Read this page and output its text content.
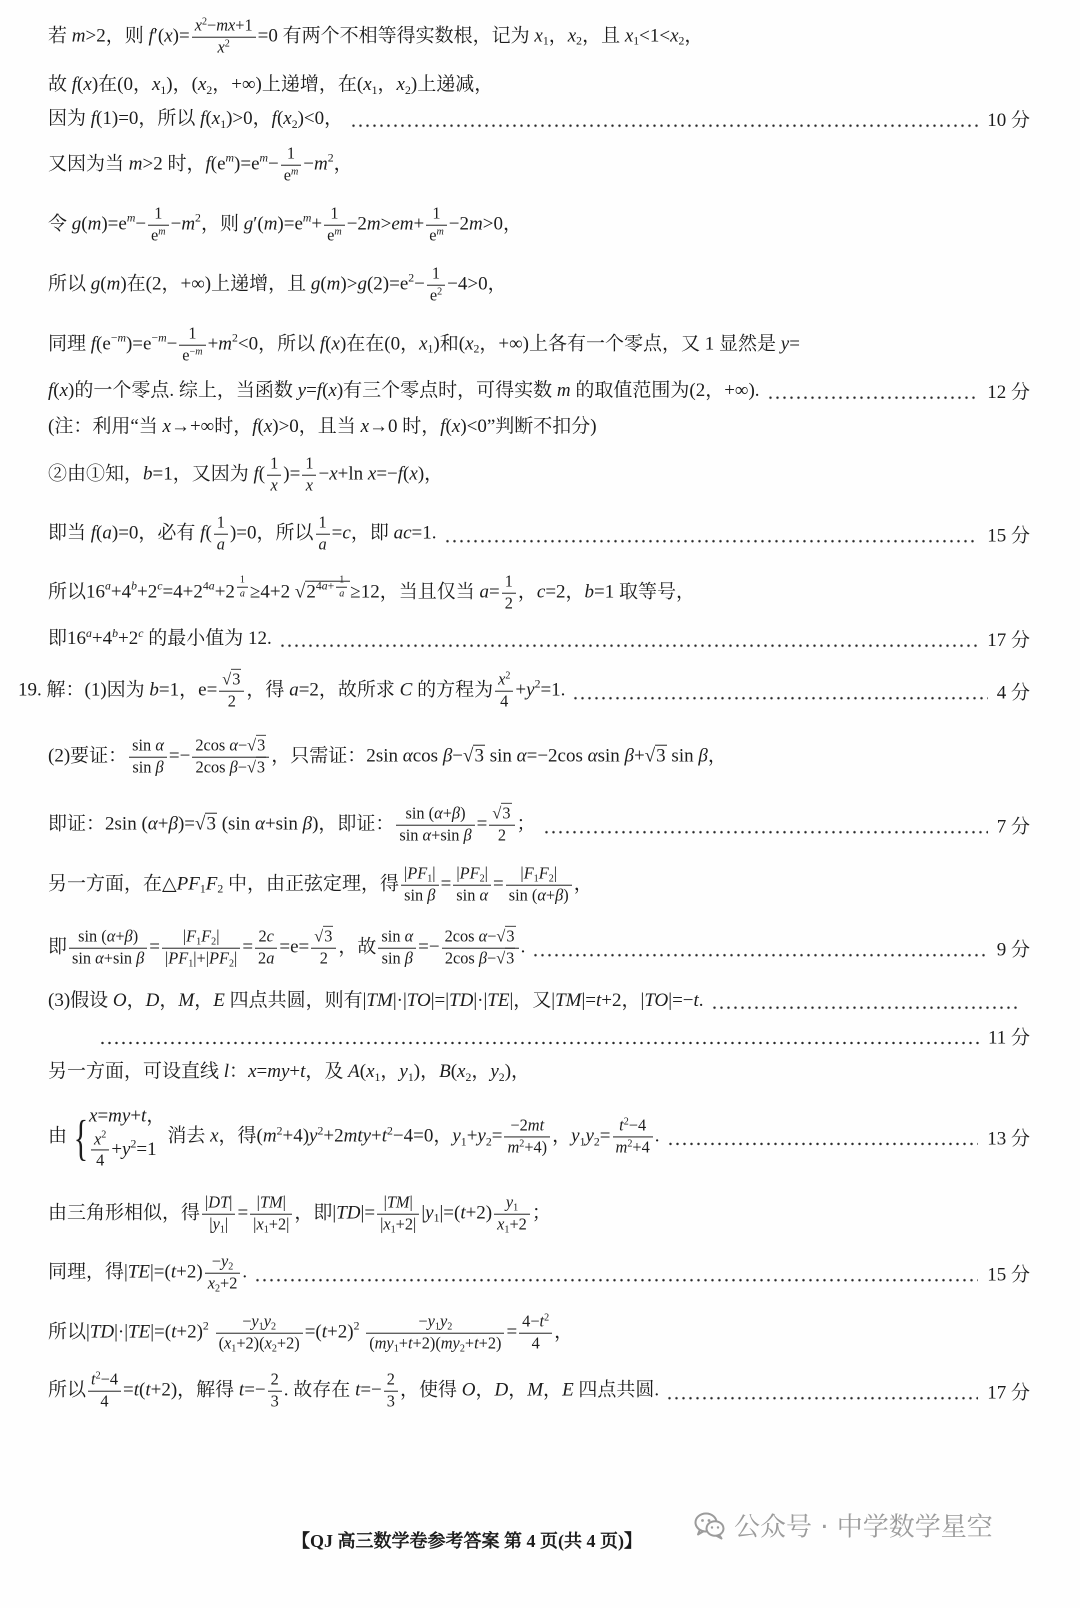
若 m>2，则 $f'(x)= \frac{x^2-mx+1}{x^2} =0$ 有两个不相等得实数根，记为 $x_1$，$x_2$，且 $x_1<1<x_2$，
故 f(x)在(0，$x_1$)，($x_2$，+∞)上递增，在($x_1$，$x_2$)上递减，
因为 f(1)=0，所以 $f(x_1)>0$，$f(x_2)<0$，	10 分
又因为当 m>2 时，$f(e^m)=e^m- \frac{1}{e^m} -m^2$，
令 $g(m)=e^m- \frac{1}{e^m} -m^2$，则 $g'(m)=e^m+ \frac{1}{e^m} -2m>em+ \frac{1}{e^m} -2m>0$，
所以 g(m)在(2，+∞)上递增，且 $g(m)>g(2)=e^2- \frac{1}{e^2} -4>0$，
同理 $f(e^{-m})=e^{-m}- \frac{1}{e^{-m}} +m^2<0$，所以 f(x)在在(0，$x_1$)和($x_2$，+∞)上各有一个零点，又 1 显然是 y=
f(x)的一个零点. 综上，当函数 y=f(x)有三个零点时，可得实数 m 的取值范围为(2，+∞).	12 分
(注：利用“当 x→+∞时，f(x)>0，且当 x→0 时，f(x)<0”判断不扣分)
②由①知，b=1，又因为 $f( \frac{1}{x}$ )= $\frac{1}{x} -x+\ln$ x=−f(x)，
即当 f(a)=0，必有 $f( \frac{1}{a} )=0$，所以 $\frac{1}{a} =c$，即 ac=1.	15 分
所以$16^a+4^b+2^c=4+2^{4a}+2$ $^{\frac{1}{a}}$ ≥4+2 $√2^{4a+ \frac{1}{a}} \ge 12$，当且仅当 $a= \frac{1}{2}$ ，c=2，b=1 取等号，
即$16^a+4^b+2^c$ 的最小值为 12.	17 分
19. 解：(1)因为 b=1，$e= \frac{√3}{2}$ ，得 a=2，故所求 C 的方程为 $\frac{x^2}{4} +y^2=1$.	4 分
(2)要证： $\frac{\text{sin α}}{\text{sin β}} =- \frac{\text{2cos α−√3}}{\text{2cos β−√3}}$ ，只需证：2sin αcos β−√3 sin α=−2cos αsin β+√3 sin β，
即证：2sin (α+β)=√3 (sin α+sin β)，即证： $\frac{\sin (\alpha+\beta)}{\text{sin α+sin β}} = \frac{√3}{2}$ ；	7 分
另一方面，在$\triangle PF_1F_2$ 中，由正弦定理，得 $\frac{|PF_1|}{\text{sin β}} = \frac{|PF_2|}{\text{sin α}} = \frac{|F_1F_2|}{\sin (\alpha+\beta)}$ ，
即 $\frac{\sin (\alpha+\beta)}{\text{sin α+sin β}} = \frac{|F_1F_2|}{|PF_1|+|PF_2|} = \frac{2c}{2a} =e= \frac{√3}{2}$ ，故 $\frac{\text{sin α}}{\text{sin β}} =- \frac{\text{2cos α−√3}}{\text{2cos β−√3}}$ .	9 分
(3)假设 O，D，M，E 四点共圆，则有|TM|·|TO|=|TD|·|TE|，又|TM|=t+2，|TO|=−t.
11 分
另一方面，可设直线 l：x=my+t，及 $A(x_1$，$y_1$)，$B(x_2$，$y_2$)，
由 { x=my+t，
$\frac{x^2}{4} +y^2=1$
消去 x，得$(m^2+4)y^2+2mty+t^2-4=0$，$y_1+y_2= \frac{-2mt}{m^2+4)}$ ，$y_1y_2= \frac{t^2-4}{m^2+4}$ .	13 分
由三角形相似，得 $\frac{|DT|}{|y_1|} = \frac{|TM|}{|x_1+2|}$ ，即$|TD|= \frac{|TM|}{|x_1+2|} |y_1|=(t+2) \frac{y_1}{x_1+2}$ ；
同理，得$|TE|=(t+2) \frac{-y_2}{x_2+2}$ .	15 分
所以$|TD|\cdot|TE|=(t+2)^2 \frac{-y_1y_2}{(x_1+2)(x_2+2)} =(t+2)^2 \frac{-y_1y_2}{(my_1+t+2)(my_2+t+2)} = \frac{4-t^2}{4}$ ，
所以 $\frac{t^2-4}{4} =t(t+2)$，解得 $t=- \frac{2}{3}$ . 故存在 $t=- \frac{2}{3}$ ，使得 O，D，M，E 四点共圆.	17 分
【QJ 高三数学卷参考答案 第 4 页(共 4 页)】	公众号 · 中学数学星空
